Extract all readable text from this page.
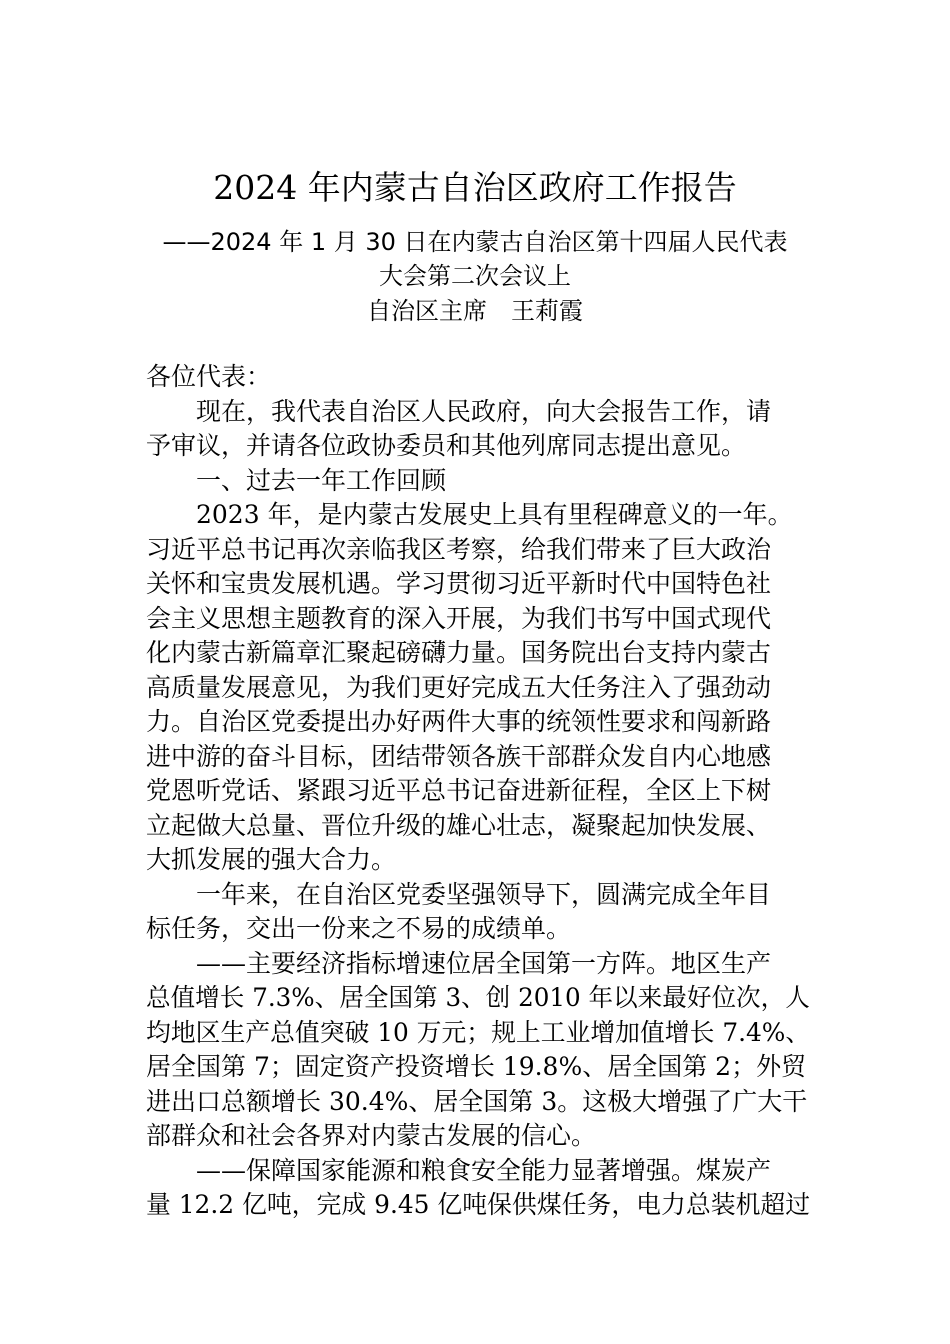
2024 年内蒙古自治区政府工作报告
——2024 年 1 月 30 日在内蒙古自治区第十四届人民代表
大会第二次会议上
自治区主席　王莉霞
各位代表：
现在，我代表自治区人民政府，向大会报告工作，请
予审议，并请各位政协委员和其他列席同志提出意见。
一、过去一年工作回顾
2023 年，是内蒙古发展史上具有里程碑意义的一年。
习近平总书记再次亲临我区考察，给我们带来了巨大政治
关怀和宝贵发展机遇。学习贯彻习近平新时代中国特色社
会主义思想主题教育的深入开展，为我们书写中国式现代
化内蒙古新篇章汇聚起磅礴力量。国务院出台支持内蒙古
高质量发展意见，为我们更好完成五大任务注入了强劲动
力。自治区党委提出办好两件大事的统领性要求和闯新路
进中游的奋斗目标，团结带领各族干部群众发自内心地感
党恩听党话、紧跟习近平总书记奋进新征程，全区上下树
立起做大总量、晋位升级的雄心壮志，凝聚起加快发展、
大抓发展的强大合力。
一年来，在自治区党委坚强领导下，圆满完成全年目
标任务，交出一份来之不易的成绩单。
——主要经济指标增速位居全国第一方阵。地区生产
总值增长 7.3%、居全国第 3、创 2010 年以来最好位次，人
均地区生产总值突破 10 万元；规上工业增加值增长 7.4%、
居全国第 7；固定资产投资增长 19.8%、居全国第 2；外贸
进出口总额增长 30.4%、居全国第 3。这极大增强了广大干
部群众和社会各界对内蒙古发展的信心。
——保障国家能源和粮食安全能力显著增强。煤炭产
量 12.2 亿吨，完成 9.45 亿吨保供煤任务，电力总装机超过
